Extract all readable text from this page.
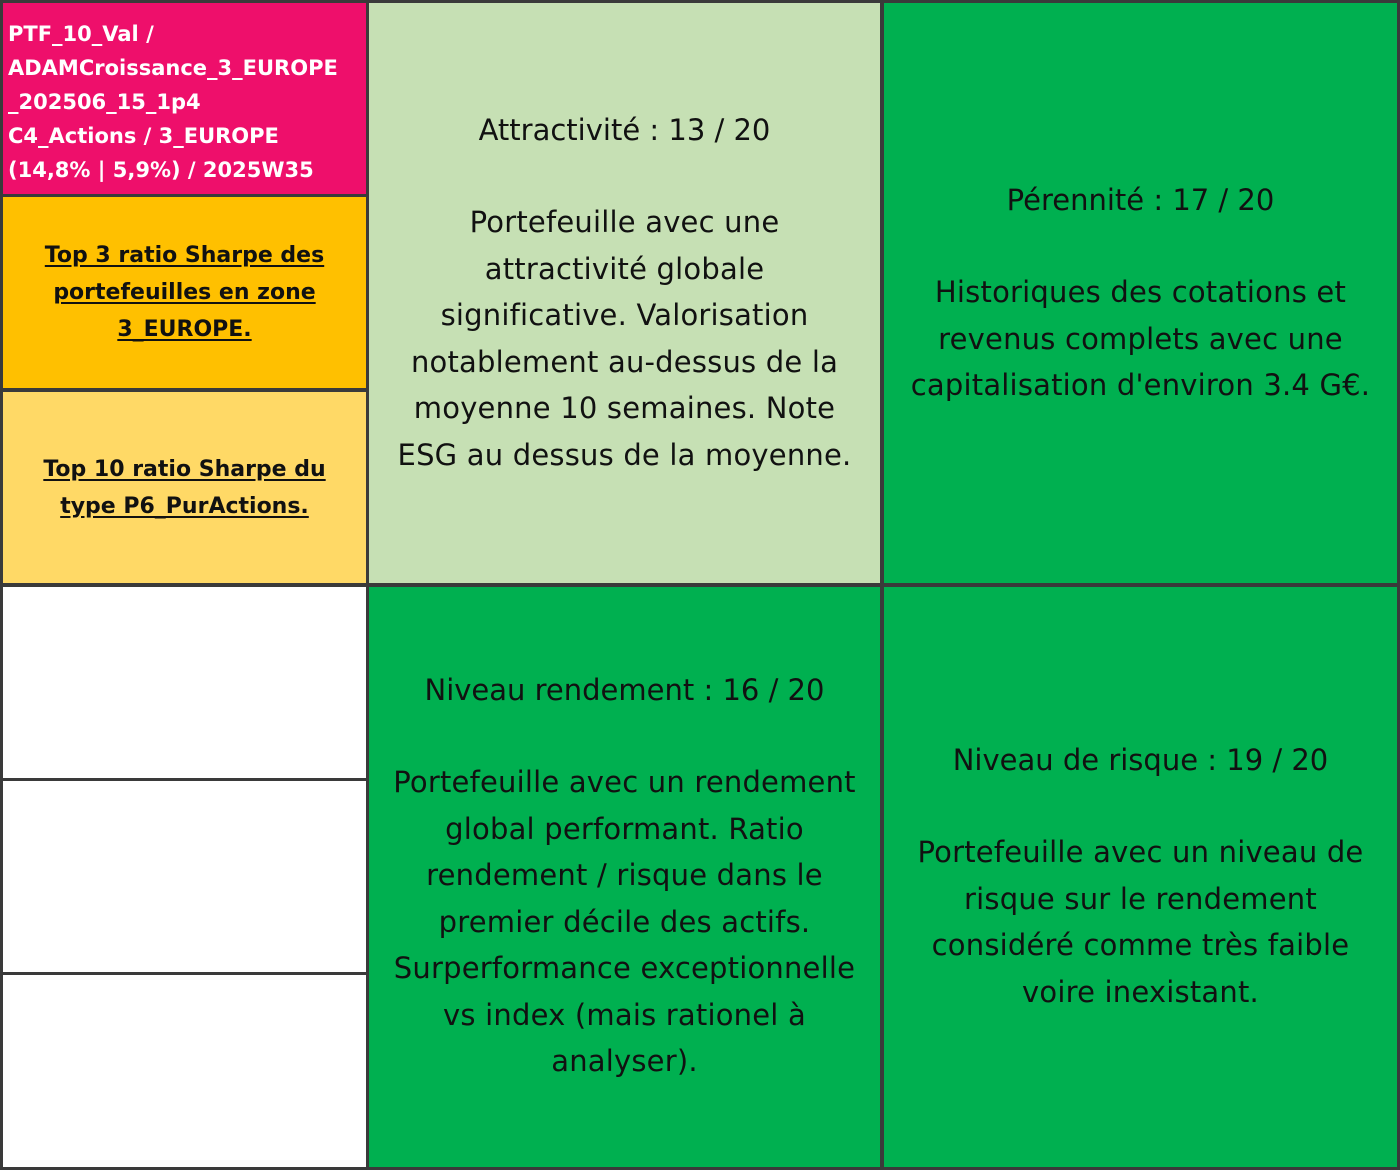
PTF_10_Val /
ADAMCroissance_3_EUROPE
_202506_15_1p4
C4_Actions / 3_EUROPE
(14,8% | 5,9%) / 2025W35
Top 3 ratio Sharpe des
portefeuilles en zone
3_EUROPE.
Top 10 ratio Sharpe du
type P6_PurActions.
Attractivité : 13 / 20
Portefeuille avec une
attractivité globale
significative. Valorisation
notablement au-dessus de la
moyenne 10 semaines. Note
ESG au dessus de la moyenne.
Pérennité : 17 / 20
Historiques des cotations et
revenus complets avec une
capitalisation d'environ 3.4 G€.
Niveau rendement : 16 / 20
Portefeuille avec un rendement
global performant. Ratio
rendement / risque dans le
premier décile des actifs.
Surperformance exceptionnelle
vs index (mais rationel à
analyser).
Niveau de risque : 19 / 20
Portefeuille avec un niveau de
risque sur le rendement
considéré comme très faible
voire inexistant.
